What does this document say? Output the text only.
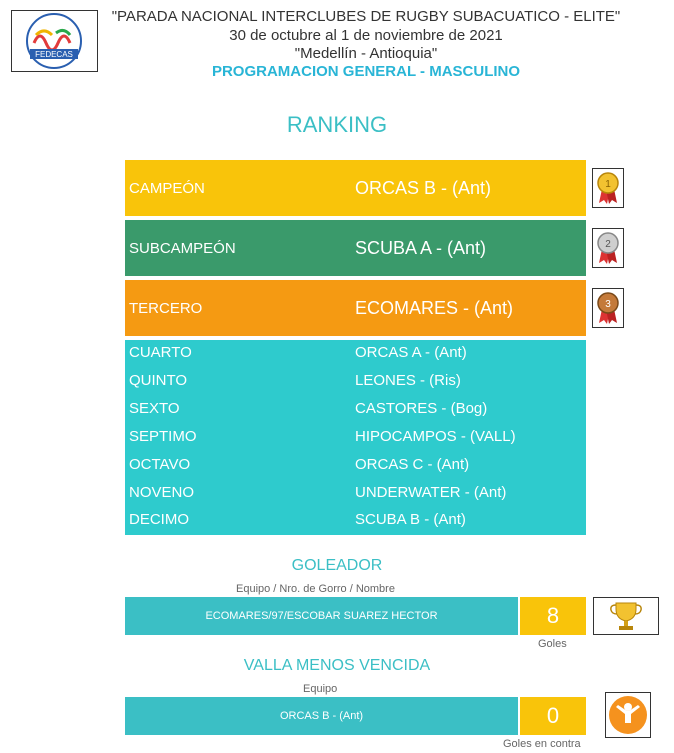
FEDECAS
"PARADA NACIONAL INTERCLUBES DE RUGBY SUBACUATICO - ELITE"
30 de octubre al 1 de noviembre de 2021
"Medellín - Antioquia"
PROGRAMACION GENERAL - MASCULINO
RANKING
CAMPEÓN	ORCAS B - (Ant)	1
SUBCAMPEÓN	SCUBA A - (Ant)	2
TERCERO	ECOMARES - (Ant)	3
CUARTO	ORCAS A - (Ant)
QUINTO	LEONES - (Ris)
SEXTO	CASTORES - (Bog)
SEPTIMO	HIPOCAMPOS - (VALL)
OCTAVO	ORCAS C - (Ant)
NOVENO	UNDERWATER - (Ant)
DECIMO	SCUBA B - (Ant)
GOLEADOR
Equipo / Nro. de Gorro / Nombre
ECOMARES/97/ESCOBAR SUAREZ HECTOR	8
Goles
VALLA MENOS VENCIDA
Equipo
ORCAS B - (Ant)	0
Goles en contra
